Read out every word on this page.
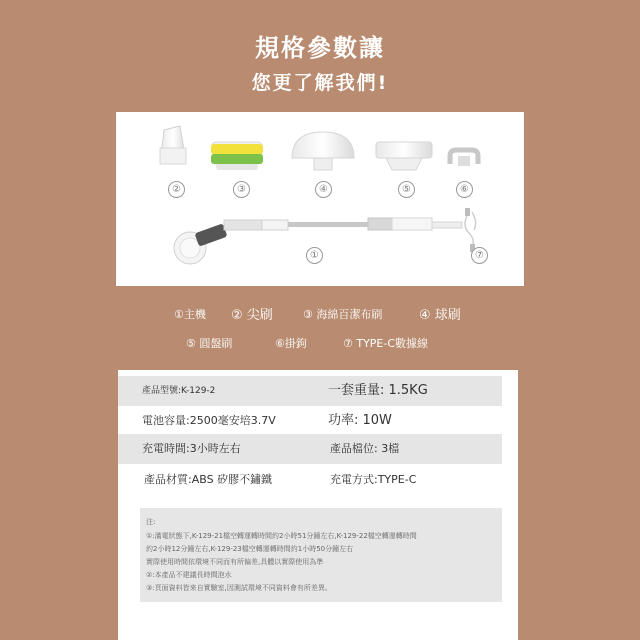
規格參數讓
您更了解我們!
②	③	④	⑤	⑥
①	⑦
①主機 ② 尖刷	③ 海綿百潔布刷	④ 球刷
⑤ 圓盤刷	⑥掛鉤	⑦ TYPE-C數據線
產品型號:K-129-2	一套重量: 1.5KG
電池容量:2500毫安培3.7V	功率: 10W
充電時間:3小時左右	產品檔位: 3檔
產品材質:ABS 矽膠不鏽鐵	充電方式:TYPE-C
注:
①:滿電狀態下,K-129-21檔空轉運轉時間約2小時51分鐘左右,K-129-22檔空轉運轉時間
約2小時12分鐘左右,K-129-23檔空轉運轉時間約1小時50分鐘左右
實際使用時間依環境不同而有所偏差,具體以實際使用為準
②:本產品不建議長時間泡水
③:頁面資料皆來自實驗室,因測試環境不同資料會有所差異。
